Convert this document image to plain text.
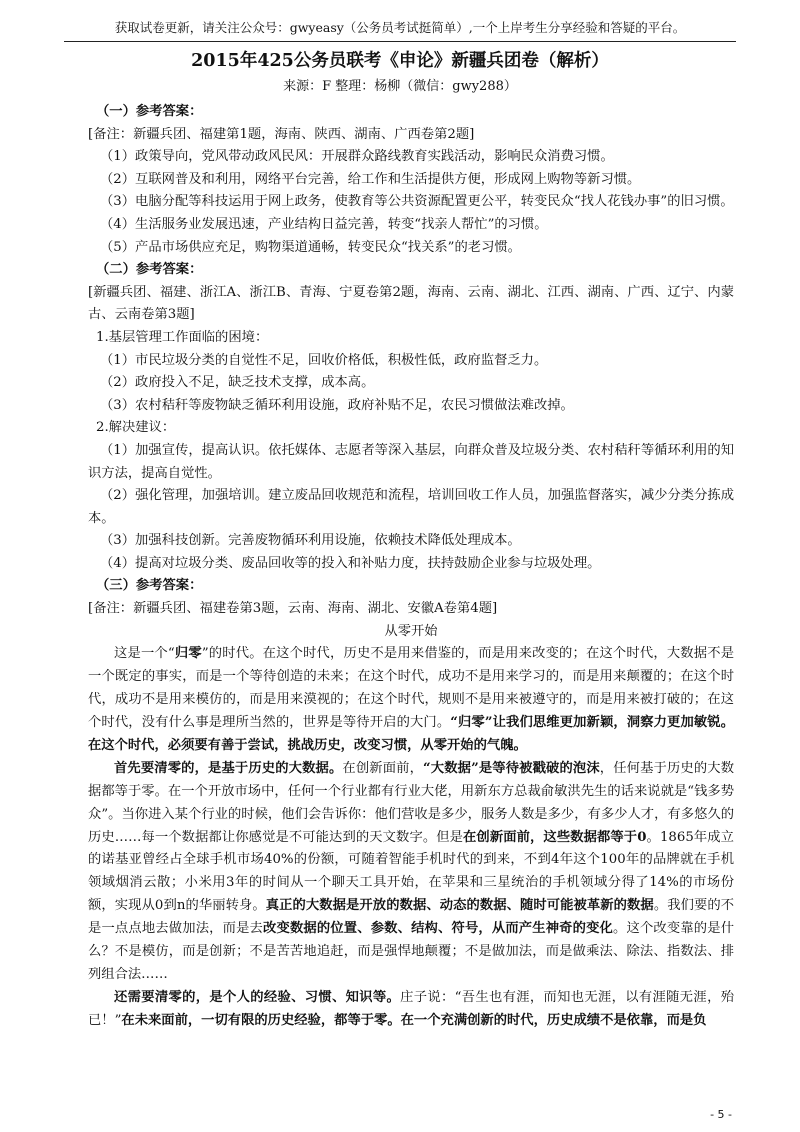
获取试卷更新，请关注公众号：gwyeasy（公务员考试挺简单）,一个上岸考生分享经验和答疑的平台。
2015年425公务员联考《申论》新疆兵团卷（解析）
来源：F 整理：杨柳（微信：gwy288）

（一）参考答案：

[备注：新疆兵团、福建第1题，海南、陕西、湖南、广西卷第2题]

（1）政策导向，党风带动政风民风：开展群众路线教育实践活动，影响民众消费习惯。

（2）互联网普及和利用，网络平台完善，给工作和生活提供方便，形成网上购物等新习惯。

（3）电脑分配等科技运用于网上政务，使教育等公共资源配置更公平，转变民众“找人花钱办事”的旧习惯。

（4）生活服务业发展迅速，产业结构日益完善，转变“找亲人帮忙”的习惯。

（5）产品市场供应充足，购物渠道通畅，转变民众“找关系”的老习惯。

（二）参考答案：

[新疆兵团、福建、浙江A、浙江B、青海、宁夏卷第2题，海南、云南、湖北、江西、湖南、广西、辽宁、内蒙古、云南卷第3题]

1.基层管理工作面临的困境：

（1）市民垃圾分类的自觉性不足，回收价格低，积极性低，政府监督乏力。

（2）政府投入不足，缺乏技术支撑，成本高。

（3）农村秸秆等废物缺乏循环利用设施，政府补贴不足，农民习惯做法难改掉。

2.解决建议：

（1）加强宣传，提高认识。依托媒体、志愿者等深入基层，向群众普及垃圾分类、农村秸秆等循环利用的知识方法，提高自觉性。

（2）强化管理，加强培训。建立废品回收规范和流程，培训回收工作人员，加强监督落实，减少分类分拣成本。

（3）加强科技创新。完善废物循环利用设施，依赖技术降低处理成本。

（4）提高对垃圾分类、废品回收等的投入和补贴力度，扶持鼓励企业参与垃圾处理。

（三）参考答案：

[备注：新疆兵团、福建卷第3题，云南、海南、湖北、安徽A卷第4题]

从零开始

这是一个“归零”的时代。在这个时代，历史不是用来借鉴的，而是用来改变的；在这个时代，大数据不是一个既定的事实，而是一个等待创造的未来；在这个时代，成功不是用来学习的，而是用来颠覆的；在这个时代，成功不是用来模仿的，而是用来漠视的；在这个时代，规则不是用来被遵守的，而是用来被打破的；在这个时代，没有什么事是理所当然的，世界是等待开启的大门。“归零”让我们思维更加新颖，洞察力更加敏锐。在这个时代，必须要有善于尝试，挑战历史，改变习惯，从零开始的气魄。

首先要清零的，是基于历史的大数据。在创新面前，“大数据”是等待被戳破的泡沫，任何基于历史的大数据都等于零。在一个开放市场中，任何一个行业都有行业大佬，用新东方总裁俞敏洪先生的话来说就是“钱多势众”。当你进入某个行业的时候，他们会告诉你：他们营收是多少，服务人数是多少，有多少人才，有多悠久的历史……每一个数据都让你感觉是不可能达到的天文数字。但是在创新面前，这些数据都等于0。1865年成立的诺基亚曾经占全球手机市场40%的份额，可随着智能手机时代的到来，不到4年这个100年的品牌就在手机领域烟消云散；小米用3年的时间从一个聊天工具开始，在苹果和三星统治的手机领域分得了14%的市场份额，实现从0到n的华丽转身。真正的大数据是开放的数据、动态的数据、随时可能被革新的数据。我们要的不是一点点地去做加法，而是去改变数据的位置、参数、结构、符号，从而产生神奇的变化。这个改变靠的是什么？不是模仿，而是创新；不是苦苦地追赶，而是强悍地颠覆；不是做加法，而是做乘法、除法、指数法、排列组合法……

还需要清零的，是个人的经验、习惯、知识等。庄子说：“吾生也有涯，而知也无涯，以有涯随无涯，殆已！”在未来面前，一切有限的历史经验，都等于零。在一个充满创新的时代，历史成绩不是依靠，而是负

- 5 -
